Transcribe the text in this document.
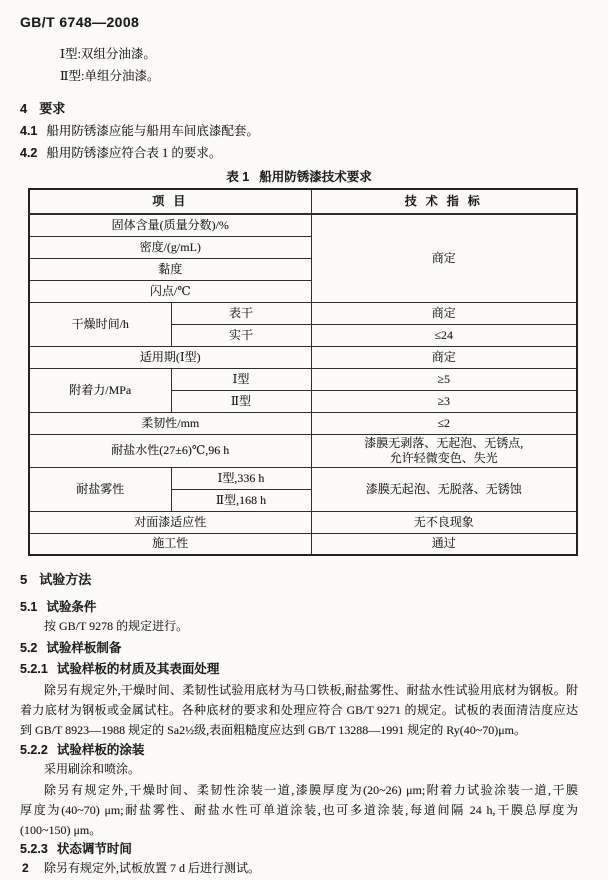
GB/T 6748—2008
Ⅰ型:双组分油漆。
Ⅱ型:单组分油漆。
4 要求
4.1 船用防锈漆应能与船用车间底漆配套。
4.2 船用防锈漆应符合表 1 的要求。
表 1 船用防锈漆技术要求
项 目		技 术 指 标
固体含量(质量分数)/%		商定
密度/(g/mL)		
黏度		
闪点/℃		
干燥时间/h	表干	商定
	实干	≤24
适用期(Ⅰ型)		商定
附着力/MPa	Ⅰ型	≥5
	Ⅱ型	≥3
柔韧性/mm		≤2
耐盐水性(27±6)℃,96 h		漆膜无剥落、无起泡、无锈点,
允许轻微变色、失光

耐盐雾性	Ⅰ型,336 h	漆膜无起泡、无脱落、无锈蚀
	Ⅱ型,168 h	
对面漆适应性		无不良现象
施工性		通过
5 试验方法
5.1 试验条件
按 GB/T 9278 的规定进行。
5.2 试验样板制备
5.2.1 试验样板的材质及其表面处理
除另有规定外,干燥时间、柔韧性试验用底材为马口铁板,耐盐雾性、耐盐水性试验用底材为钢板。附
着力底材为钢板或金属试柱。各种底材的要求和处理应符合 GB/T 9271 的规定。试板的表面清洁度应达
到 GB/T 8923—1988 规定的 Sa2½级,表面粗糙度应达到 GB/T 13288—1991 规定的 Ry(40~70)μm。
5.2.2 试验样板的涂装
采用刷涂和喷涂。
除另有规定外,干燥时间、柔韧性涂装一道,漆膜厚度为(20~26) μm;附着力试验涂装一道,干膜
厚度为(40~70) μm;耐盐雾性、耐盐水性可单道涂装,也可多道涂装,每道间隔 24 h,干膜总厚度为
(100~150) μm。
5.2.3 状态调节时间
除另有规定外,试板放置 7 d 后进行测试。
2
